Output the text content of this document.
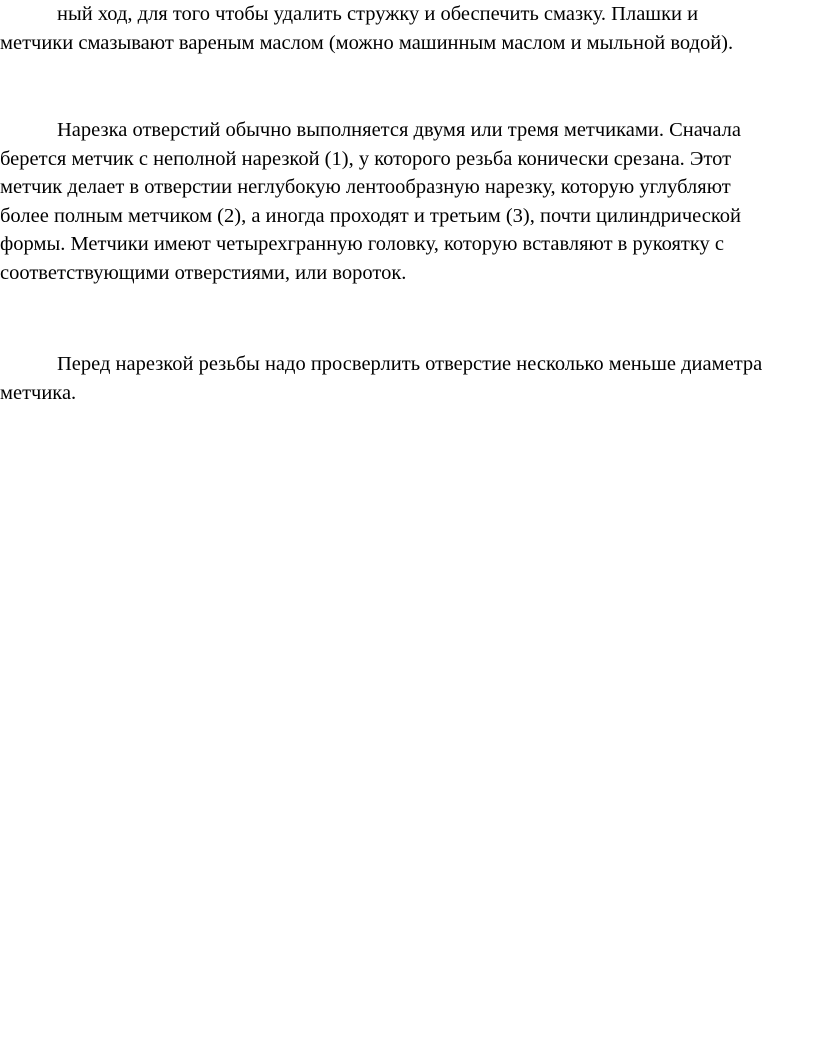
ный ход, для того чтобы удалить стружку и обеспечить смазку. Плашки и
метчики смазывают вареным маслом (можно машинным маслом и мыльной водой).

Нарезка отверстий обычно выполняется двумя или тремя метчиками. Сначала
берется метчик с неполной нарезкой (1), у которого резьба конически срезана. Этот
метчик делает в отверстии неглубокую лентообразную нарезку, которую углубляют
более полным метчиком (2), а иногда проходят и третьим (3), почти цилиндрической
формы. Метчики имеют четырехгранную головку, которую вставляют в рукоятку с
соответствующими отверстиями, или вороток.

Перед нарезкой резьбы надо просверлить отверстие несколько меньше диаметра
метчика.
